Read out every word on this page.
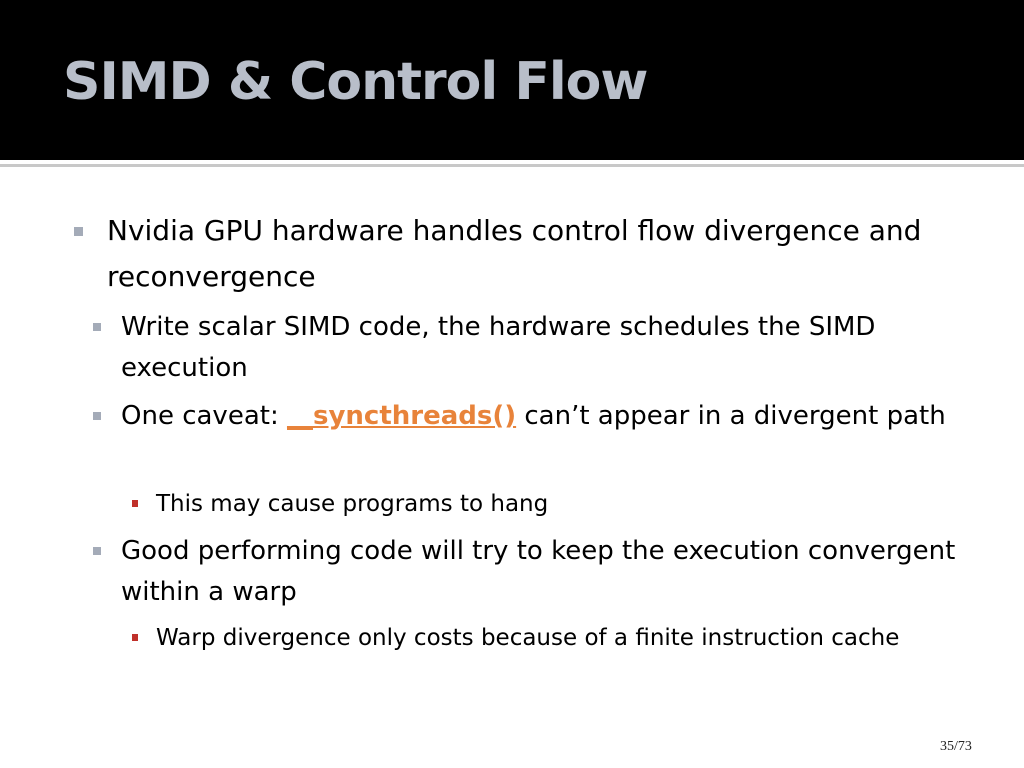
SIMD & Control Flow
Nvidia GPU hardware handles control flow divergence and reconvergence
Write scalar SIMD code, the hardware schedules the SIMD execution
One caveat: __syncthreads() can’t appear in a divergent path
This may cause programs to hang
Good performing code will try to keep the execution convergent within a warp
Warp divergence only costs because of a finite instruction cache
35/73
